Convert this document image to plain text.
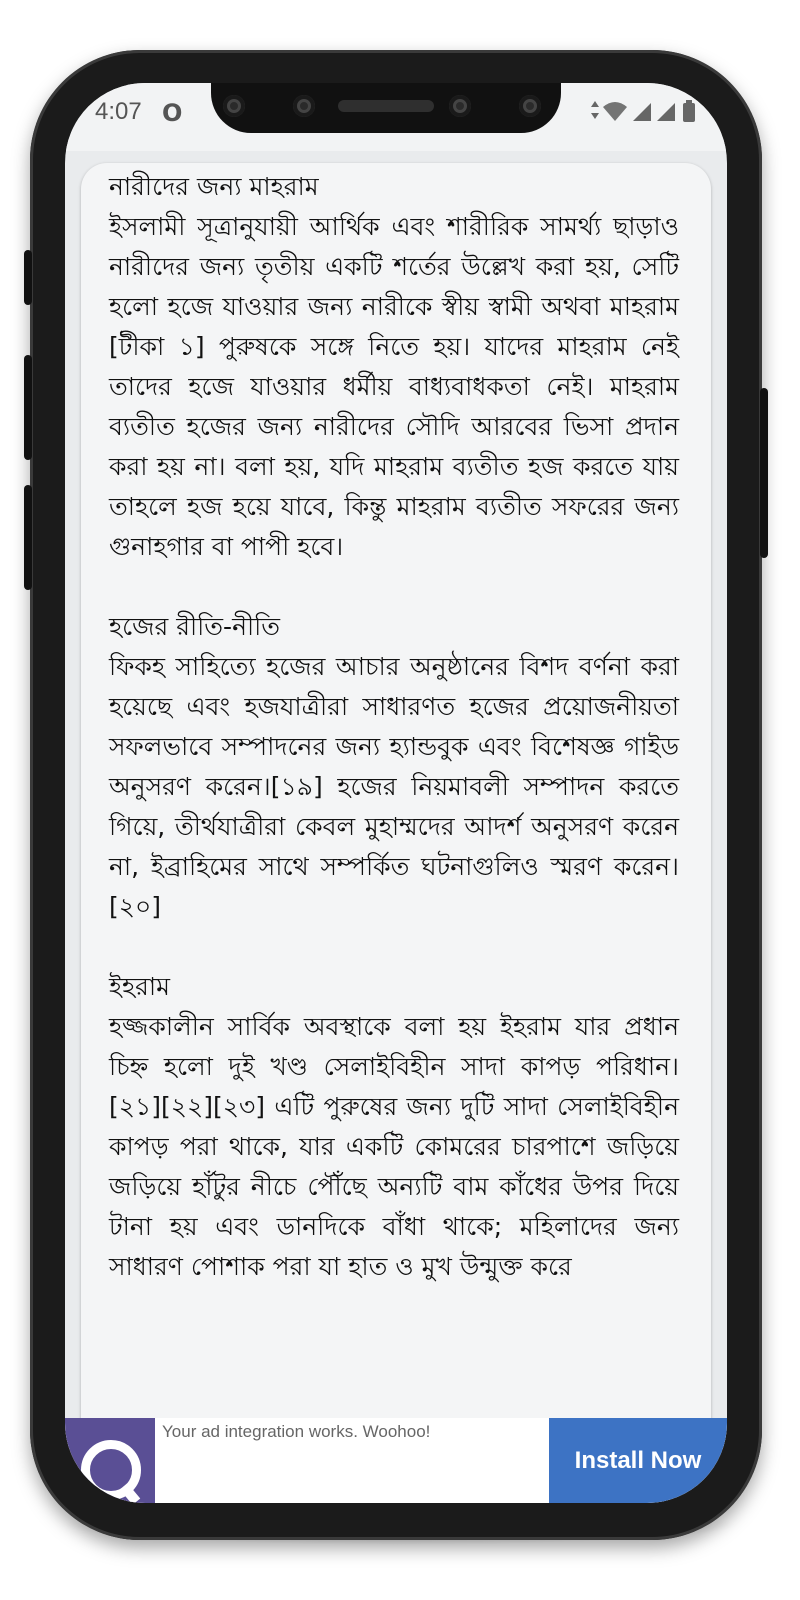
4:07 O
নারীদের জন্য মাহরাম

ইসলামী সূত্রানুযায়ী আর্থিক এবং শারীরিক সামর্থ্য ছাড়াও নারীদের জন্য তৃতীয় একটি শর্তের উল্লেখ করা হয়, সেটি হলো হজে যাওয়ার জন্য নারীকে স্বীয় স্বামী অথবা মাহরাম [টীকা ১] পুরুষকে সঙ্গে নিতে হয়। যাদের মাহরাম নেই তাদের হজে যাওয়ার ধর্মীয় বাধ্যবাধকতা নেই। মাহরাম ব্যতীত হজের জন্য নারীদের সৌদি আরবের ভিসা প্রদান করা হয় না। বলা হয়, যদি মাহরাম ব্যতীত হজ করতে যায় তাহলে হজ হয়ে যাবে, কিন্তু মাহরাম ব্যতীত সফরের জন্য গুনাহগার বা পাপী হবে।

হজের রীতি-নীতি

ফিকহ সাহিত্যে হজের আচার অনুষ্ঠানের বিশদ বর্ণনা করা হয়েছে এবং হজযাত্রীরা সাধারণত হজের প্রয়োজনীয়তা সফলভাবে সম্পাদনের জন্য হ্যান্ডবুক এবং বিশেষজ্ঞ গাইড অনুসরণ করেন।[১৯] হজের নিয়মাবলী সম্পাদন করতে গিয়ে, তীর্থযাত্রীরা কেবল মুহাম্মদের আদর্শ অনুসরণ করেন না, ইব্রাহিমের সাথে সম্পর্কিত ঘটনাগুলিও স্মরণ করেন।[২০]

ইহরাম

হজ্জকালীন সার্বিক অবস্থাকে বলা হয় ইহরাম যার প্রধান চিহ্ন হলো দুই খণ্ড সেলাইবিহীন সাদা কাপড় পরিধান। [২১][২২][২৩] এটি পুরুষের জন্য দুটি সাদা সেলাইবিহীন কাপড় পরা থাকে, যার একটি কোমরের চারপাশে জড়িয়ে জড়িয়ে হাঁটুর নীচে পৌঁছে অন্যটি বাম কাঁধের উপর দিয়ে টানা হয় এবং ডানদিকে বাঁধা থাকে; মহিলাদের জন্য সাধারণ পোশাক পরা যা হাত ও মুখ উন্মুক্ত করে

Your ad integration works. Woohoo!
Install Now
